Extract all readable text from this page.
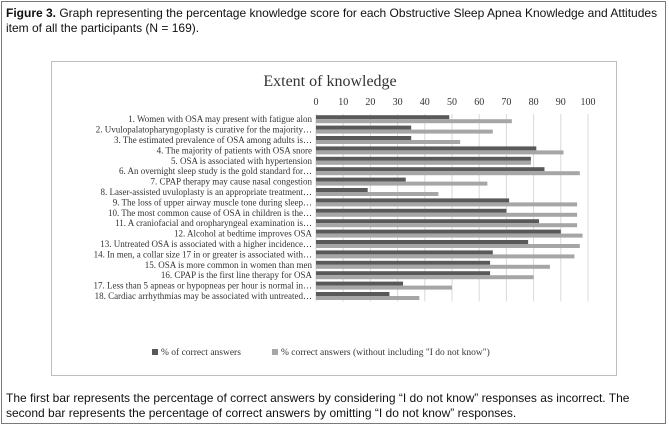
Figure 3. Graph representing the percentage knowledge score for each Obstructive Sleep Apnea Knowledge and Attitudes item of all the participants (N = 169).
Extent of knowledge
0 10 20 30 40 50 60 70 80 90 100
1. Women with OSA may present with fatigue alon
2. Uvulopalatopharyngoplasty is curative for the majority…
3. The estimated prevalence of OSA among adults is…
4. The majority of patients with OSA snore
5. OSA is associated with hypertension
6. An overnight sleep study is the gold standard for…
7. CPAP therapy may cause nasal congestion
8. Laser-assisted uvuloplasty is an appropriate treatment…
9. The loss of upper airway muscle tone during sleep…
10. The most common cause of OSA in children is the…
11. A craniofacial and oropharyngeal examination is…
12. Alcohol at bedtime improves OSA
13. Untreated OSA is associated with a higher incidence…
14. In men, a collar size 17 in or greater is associated with…
15. OSA is more common in women than men
16. CPAP is the first line therapy for OSA
17. Less than 5 apneas or hypopneas per hour is normal in…
18. Cardiac arrhythmias may be associated with untreated…
% of correct answers	% correct answers (without including "I do not know")
The first bar represents the percentage of correct answers by considering “I do not know” responses as incorrect. The second bar represents the percentage of correct answers by omitting “I do not know” responses.
